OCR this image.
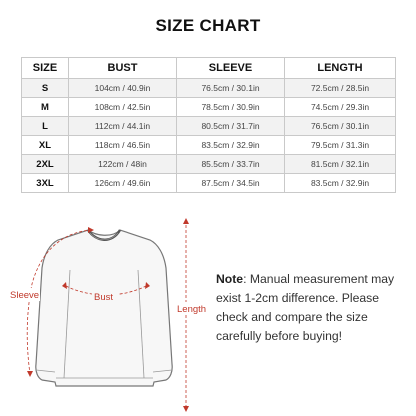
SIZE CHART
SIZE	BUST	SLEEVE	LENGTH
S	104cm / 40.9in	76.5cm / 30.1in	72.5cm / 28.5in
M	108cm / 42.5in	78.5cm / 30.9in	74.5cm / 29.3in
L	112cm / 44.1in	80.5cm / 31.7in	76.5cm / 30.1in
XL	118cm / 46.5in	83.5cm / 32.9in	79.5cm / 31.3in
2XL	122cm / 48in	85.5cm / 33.7in	81.5cm / 32.1in
3XL	126cm / 49.6in	87.5cm / 34.5in	83.5cm / 32.9in
Sleeve	Bust
Length
Note: Manual measurement may exist 1-2cm difference. Please check and compare the size carefully before buying!
